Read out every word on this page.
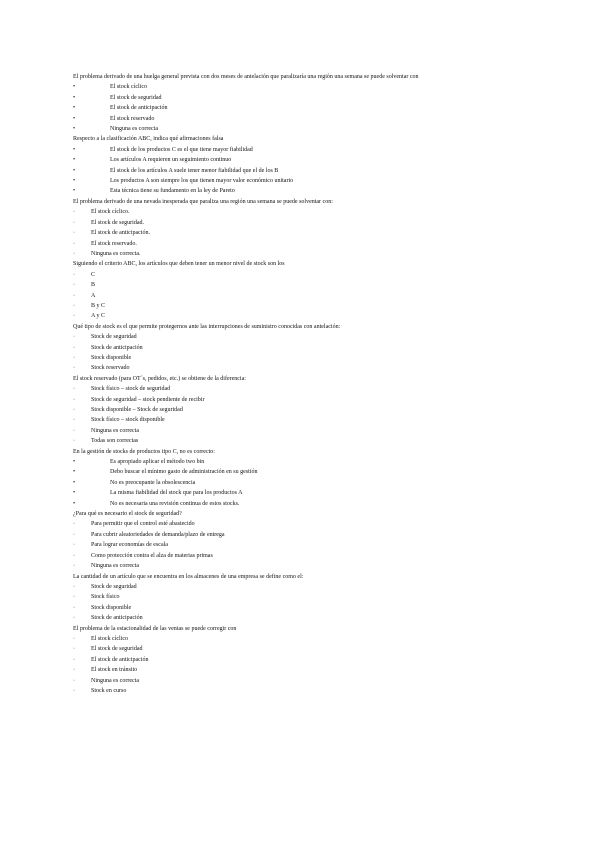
El problema derivado de una huelga general prevista con dos meses de antelación que paralizaría una región una semana se puede solventar con
•	El stock cíclico
•	El stock de seguridad
•	El stock de anticipación
•	El stock reservado
•	Ninguna es correcta
Respecto a la clasificación ABC, indica qué afirmaciones falsa
•	El stock de los productos C es el que tiene mayor fiabilidad
•	Los artículos A requieren un seguimiento continuo
•	El stock de los artículos A suele tener menor fiabilidad que el de los B
•	Los productos A son siempre los que tienen mayor valor económico unitario
•	Esta técnica tiene su fundamento en la ley de Pareto
El problema derivado de una nevada inesperada que paraliza una región una semana se puede solventar con:
·	El stock cíclico.
·	El stock de seguridad.
·	El stock de anticipación.
·	El stock reservado.
·	Ninguna es correcta.
Siguiendo el criterio ABC, los artículos que deben tener un menor nivel de stock son los
·	C
·	B
·	A
·	B y C
·	A y C
Qué tipo de stock es el que permite protegernos ante las interrupciones de suministro conocidas con antelación:
·	Stock de seguridad
·	Stock de anticipación
·	Stock disponible
·	Stock reservado
El stock reservado (para OT´s, pedidos, etc.) se obtiene de la diferencia:
·	Stock físico – stock de seguridad
·	Stock de seguridad – stock pendiente de recibir
·	Stock disponible – Stock de seguridad
·	Stock físico – stock disponible
·	Ninguna es correcta
·	Todas son correctas
En la gestión de stocks de productos tipo C, no es correcto:
•	Es apropiado aplicar el método two bin
•	Debo buscar el mínimo gasto de administración en su gestión
•	No es preocupante la obsolescencia
•	La misma fiabilidad del stock que para los productos A
•	No es necesaria una revisión continua de estos stocks.
¿Para qué es necesario el stock de seguridad?
·	Para permitir que el control esté abastecido
·	Para cubrir aleatoriedades de demanda/plazo de entrega
·	Para lograr economías de escala
·	Como protección contra el alza de materias primas
·	Ninguna es correcta
La cantidad de un artículo que se encuentra en los almacenes de una empresa se define como el:
·	Stock de seguridad
·	Stock físico
·	Stock disponible
·	Stock de anticipación
El problema de la estacionalidad de las ventas se puede corregir con
·	El stock cíclico
·	El stock de seguridad
·	El stock de anticipación
·	El stock en tránsito
·	Ninguna es correcta
·	Stock en curso
